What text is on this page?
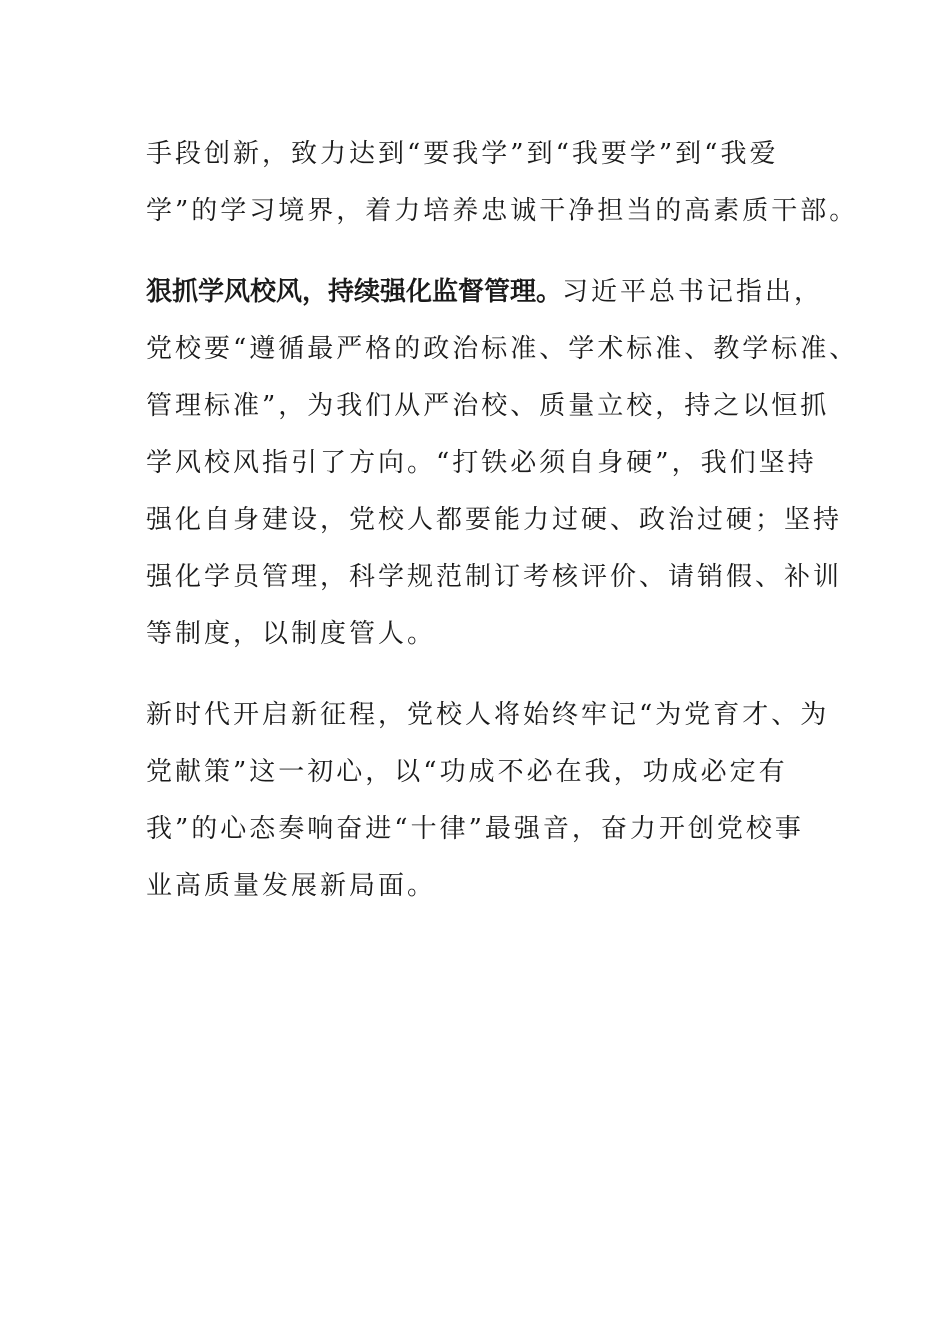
手段创新，致力达到“要我学”到“我要学”到“我爱
学”的学习境界，着力培养忠诚干净担当的高素质干部。
狠抓学风校风，持续强化监督管理。习近平总书记指出，
党校要“遵循最严格的政治标准、学术标准、教学标准、
管理标准”，为我们从严治校、质量立校，持之以恒抓
学风校风指引了方向。“打铁必须自身硬”，我们坚持
强化自身建设，党校人都要能力过硬、政治过硬；坚持
强化学员管理，科学规范制订考核评价、请销假、补训
等制度，以制度管人。
新时代开启新征程，党校人将始终牢记“为党育才、为
党献策”这一初心，以“功成不必在我，功成必定有
我”的心态奏响奋进“十律”最强音，奋力开创党校事
业高质量发展新局面。
